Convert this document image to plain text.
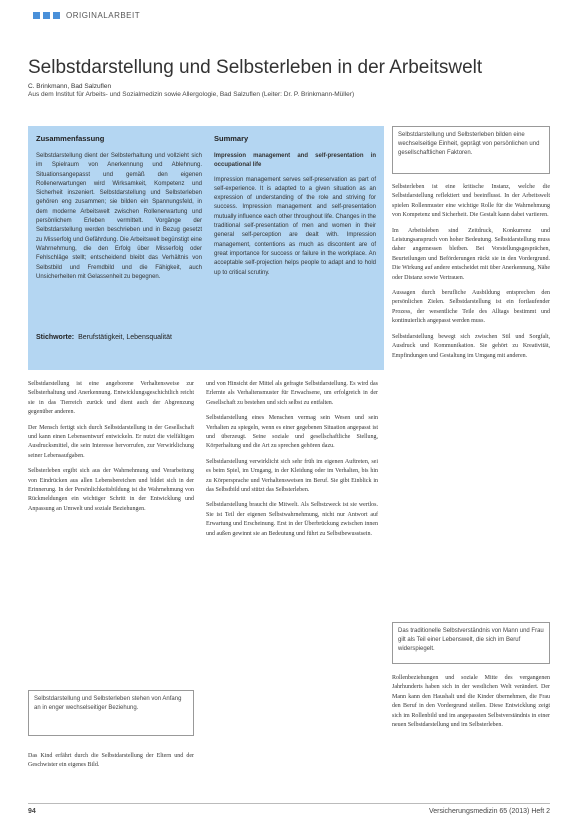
ORIGINALARBEIT
Selbstdarstellung und Selbsterleben in der Arbeitswelt
C. Brinkmann, Bad Salzuflen
Aus dem Institut für Arbeits- und Sozialmedizin sowie Allergologie, Bad Salzuflen (Leiter: Dr. P. Brinkmann-Müller)
Zusammenfassung	Summary
Selbstdarstellung dient der Selbsterhaltung und vollzieht sich im Spielraum von Anerkennung und Ablehnung. Situationsangepasst und gemäß den eigenen Rollenerwartungen wird Wirksamkeit, Kompetenz und Sicherheit inszeniert. Selbstdarstellung und Selbsterleben gehören eng zusammen; sie bilden ein Spannungsfeld, in dem moderne Arbeitswelt zwischen Rollenerwartung und persönlichem Erleben vermittelt. Vorgänge der Selbstdarstellung werden beschrieben und in Bezug gesetzt zu Misserfolg und Gefährdung. Die Arbeitswelt begünstigt eine Wahrnehmung, die den Erfolg über Misserfolg oder Fehlschläge stellt; entscheidend bleibt das Verhältnis von Selbstbild und Fremdbild und die Fähigkeit, auch Unsicherheiten mit Gelassenheit zu begegnen.

Impression management and self-presentation in occupational life

Impression management serves self-preservation as part of self-experience. It is adapted to a given situation as an expression of understanding of the role and striving for success. Impression management and self-presentation mutually influence each other throughout life. Changes in the traditional self-presentation of men and women in their general self-perception are dealt with. Impression management, contentions as much as discontent are of great importance for success or failure in the workplace. An acceptable self-projection helps people to adapt and to hold up to critical scrutiny.

Stichworte: Berufstätigkeit, Lebensqualität
Selbstdarstellung und Selbsterleben bilden eine wechselseitige Einheit, geprägt von persönlichen und gesellschaftlichen Faktoren.

Selbsterleben ist eine kritische Instanz, welche die Selbstdarstellung reflektiert und beeinflusst. In der Arbeitswelt spielen Rollenmuster eine wichtige Rolle für die Wahrnehmung von Kompetenz und Sicherheit. Die Gestalt kann dabei variieren.

Im Arbeitsleben sind Zeitdruck, Konkurrenz und Leistungsanspruch von hoher Bedeutung. Selbstdarstellung muss daher angemessen bleiben. Bei Vorstellungsgesprächen, Beurteilungen und Beförderungen rückt sie in den Vordergrund. Die Wirkung auf andere entscheidet mit über Anerkennung, Nähe oder Distanz sowie Vertrauen.

Aussagen durch berufliche Ausbildung entsprechen den persönlichen Zielen. Selbstdarstellung ist ein fortlaufender Prozess, der wesentliche Teile des Alltags bestimmt und kontinuierlich angepasst werden muss.

Selbstdarstellung bewegt sich zwischen Stil und Sorgfalt, Ausdruck und Kommunikation. Sie gehört zu Kreativität, Empfindungen und Gestaltung im Umgang mit anderen.

Das traditionelle Selbstverständnis von Mann und Frau gilt als Teil einer Lebenswelt, die sich im Beruf widerspiegelt.
Rollenbeziehungen und soziale Mitte des vergangenen Jahrhunderts haben sich in der westlichen Welt verändert. Der Mann kann den Haushalt und die Kinder übernehmen, die Frau den Beruf in den Vordergrund stellen. Diese Entwicklung zeigt sich im Rollenbild und im angepassten Selbstverständnis in einer neuen Selbstdarstellung und im Selbsterleben.

Selbstdarstellung ist eine angeborene Verhaltensweise zur Selbsterhaltung und Anerkennung. Entwicklungsgeschichtlich reicht sie in das Tierreich zurück und dient auch der Abgrenzung gegenüber anderen.

Der Mensch fertigt sich durch Selbstdarstellung in der Gesellschaft und kann einen Lebensentwurf entwickeln. Er nutzt die vielfältigen Ausdrucksmittel, die sein Interesse hervorrufen, zur Verwirklichung seiner Lebensaufgaben.

Selbsterleben ergibt sich aus der Wahrnehmung und Verarbeitung von Eindrücken aus allen Lebensbereichen und bildet sich in der Erinnerung. In der Persönlichkeitsbildung ist die Wahrnehmung von Rückmeldungen ein wichtiger Schritt in der Entwicklung und Anpassung an Umwelt und soziale Beziehungen.

Selbstdarstellung und Selbsterleben stehen von Anfang an in enger wechselseitiger Beziehung.
Das Kind erfährt durch die Selbstdarstellung der Eltern und der Geschwister ein eigenes Bild.

und von Hinsicht der Mittel als gefragte Selbstdarstellung. Es wird das Erlernte als Verhaltensmuster für Erwachsene, um erfolgreich in der Gesellschaft zu bestehen und sich selbst zu entfalten.

Selbstdarstellung eines Menschen vermag sein Wesen und sein Verhalten zu spiegeln, wenn es einer gegebenen Situation angepasst ist und überzeugt. Seine soziale und gesellschaftliche Stellung, Körperhaltung und die Art zu sprechen gehören dazu.

Selbstdarstellung verwirklicht sich sehr früh im eigenen Auftreten, sei es beim Spiel, im Umgang, in der Kleidung oder im Verhalten, bis hin zu Körpersprache und Verhaltensweisen im Beruf. Sie gibt Einblick in das Selbstbild und stützt das Selbsterleben.

Selbstdarstellung braucht die Mitwelt. Als Selbstzweck ist sie wertlos. Sie ist Teil der eigenen Selbstwahrnehmung, nicht nur Antwort auf Erwartung und Erscheinung. Erst in der Überbrückung zwischen innen und außen gewinnt sie an Bedeutung und führt zu Selbstbewusstsein.

94	Versicherungsmedizin 65 (2013) Heft 2
